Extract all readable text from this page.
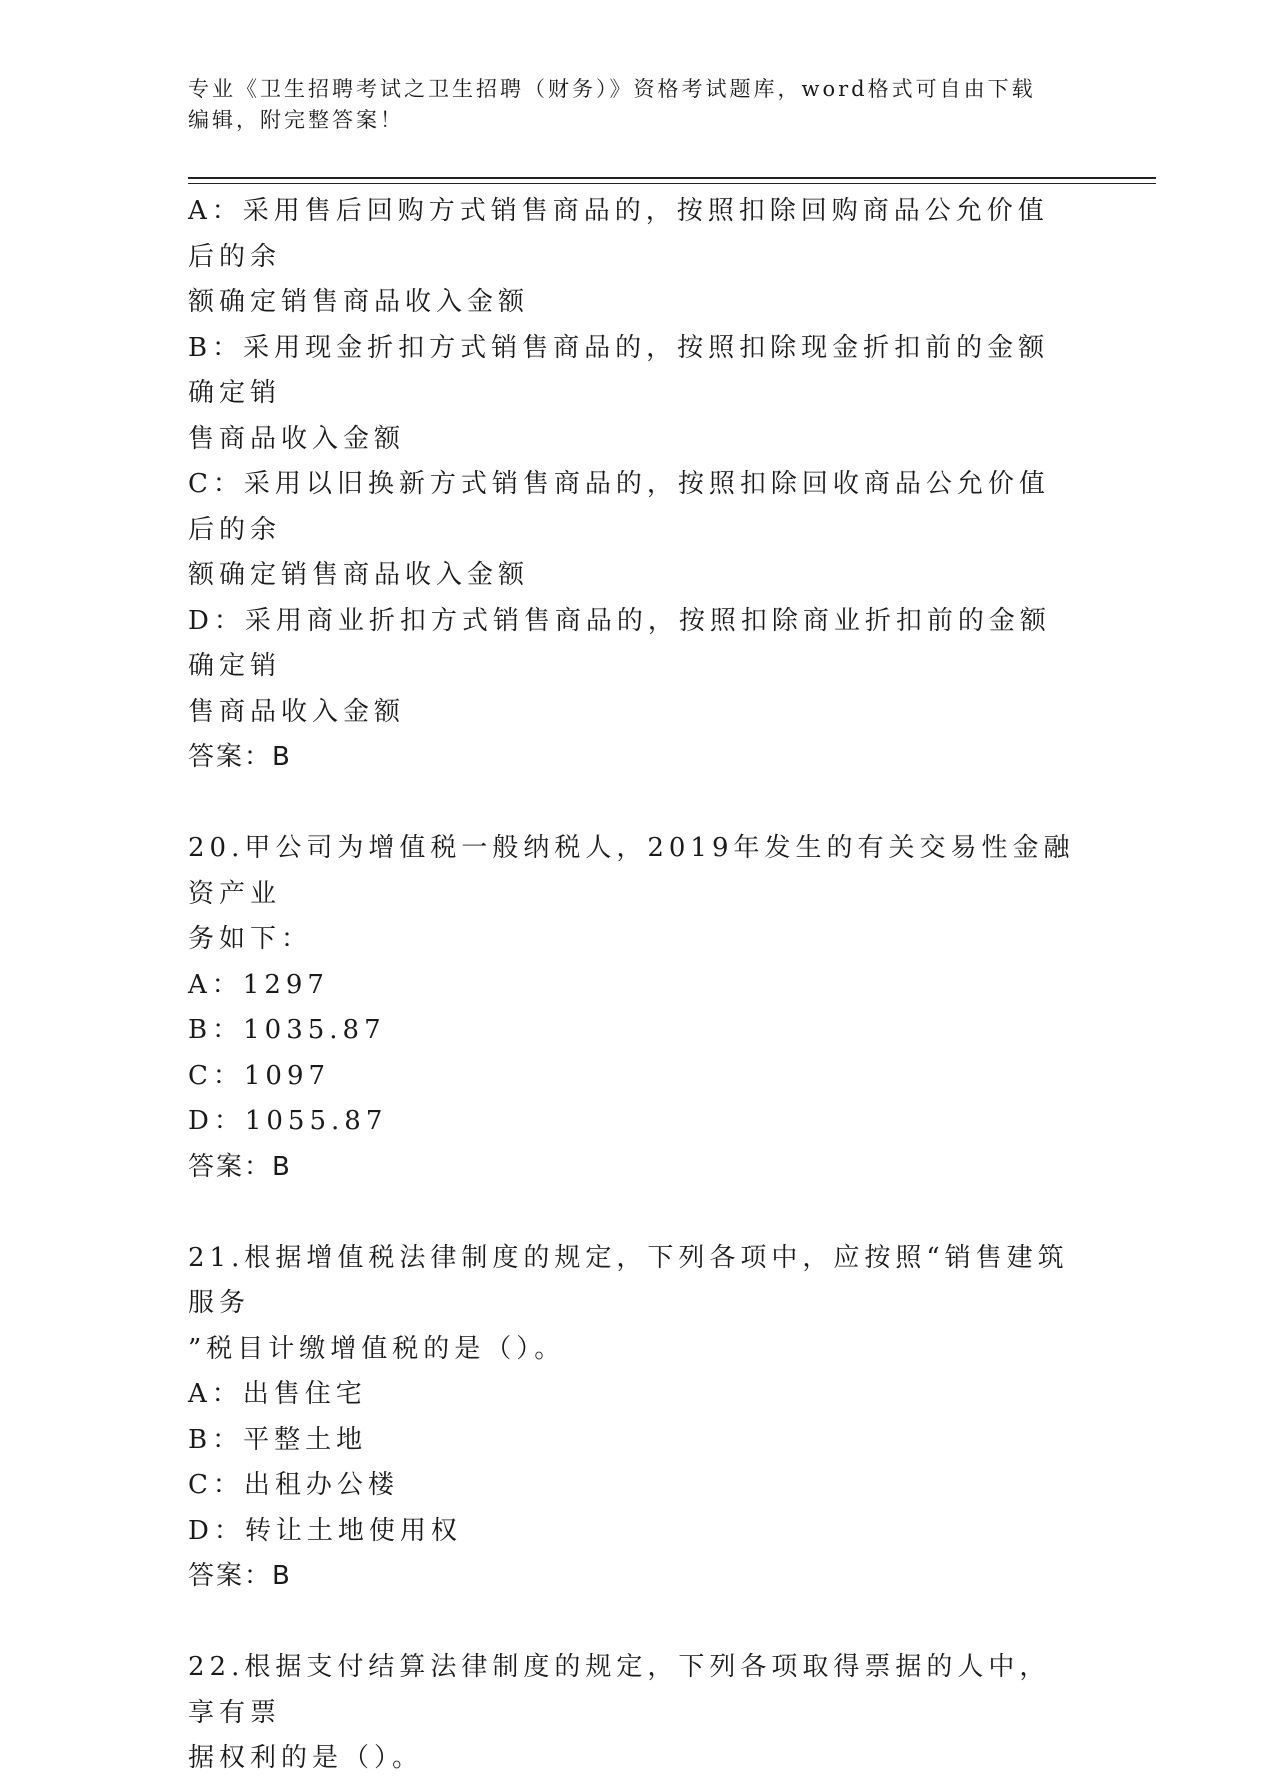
专业《卫生招聘考试之卫生招聘（财务）》资格考试题库，word格式可自由下载
编辑，附完整答案！
A：采用售后回购方式销售商品的，按照扣除回购商品公允价值后的余
额确定销售商品收入金额
B：采用现金折扣方式销售商品的，按照扣除现金折扣前的金额确定销
售商品收入金额
C：采用以旧换新方式销售商品的，按照扣除回收商品公允价值后的余
额确定销售商品收入金额
D：采用商业折扣方式销售商品的，按照扣除商业折扣前的金额确定销
售商品收入金额
答案：B
20.甲公司为增值税一般纳税人，2019年发生的有关交易性金融资产业
务如下：
A：1297
B：1035.87
C：1097
D：1055.87
答案：B
21.根据增值税法律制度的规定，下列各项中，应按照“销售建筑服务
”税目计缴增值税的是（）。
A：出售住宅
B：平整土地
C：出租办公楼
D：转让土地使用权
答案：B
22.根据支付结算法律制度的规定，下列各项取得票据的人中，享有票
据权利的是（）。
